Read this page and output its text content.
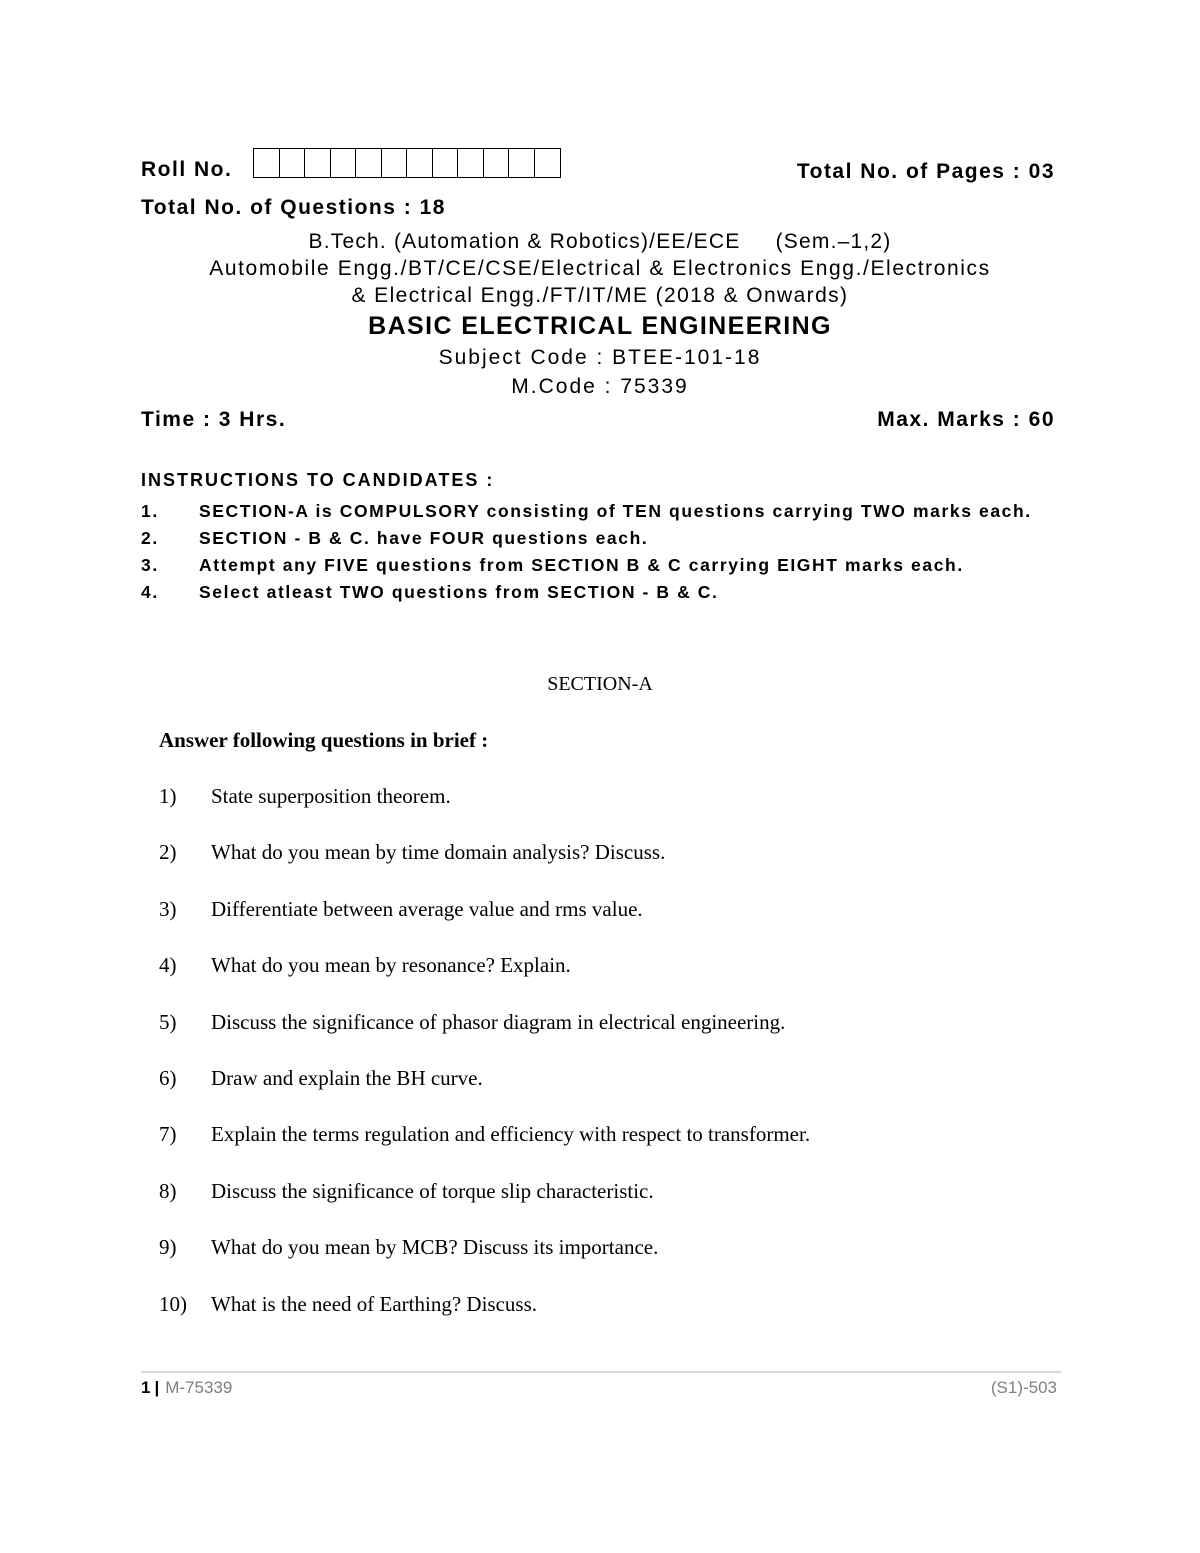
Roll No.	Total No. of Pages : 03
Total No. of Questions : 18
B.Tech. (Automation & Robotics)/EE/ECE     (Sem.–1,2)
Automobile Engg./BT/CE/CSE/Electrical & Electronics Engg./Electronics
& Electrical Engg./FT/IT/ME (2018 & Onwards)
BASIC ELECTRICAL ENGINEERING
Subject Code : BTEE-101-18
M.Code : 75339
Time : 3 Hrs.	Max. Marks : 60
INSTRUCTIONS TO CANDIDATES :
1.	SECTION-A is COMPULSORY consisting of TEN questions carrying TWO marks each.
2.	SECTION - B & C. have FOUR questions each.
3.	Attempt any FIVE questions from SECTION B & C carrying EIGHT marks each.
4.	Select atleast TWO questions from SECTION - B & C.
SECTION-A
Answer following questions in brief :
1)	State superposition theorem.
2)	What do you mean by time domain analysis? Discuss.
3)	Differentiate between average value and rms value.
4)	What do you mean by resonance? Explain.
5)	Discuss the significance of phasor diagram in electrical engineering.
6)	Draw and explain the BH curve.
7)	Explain the terms regulation and efficiency with respect to transformer.
8)	Discuss the significance of torque slip characteristic.
9)	What do you mean by MCB? Discuss its importance.
10)	What is the need of Earthing? Discuss.
1 | M-75339	(S1)-503
